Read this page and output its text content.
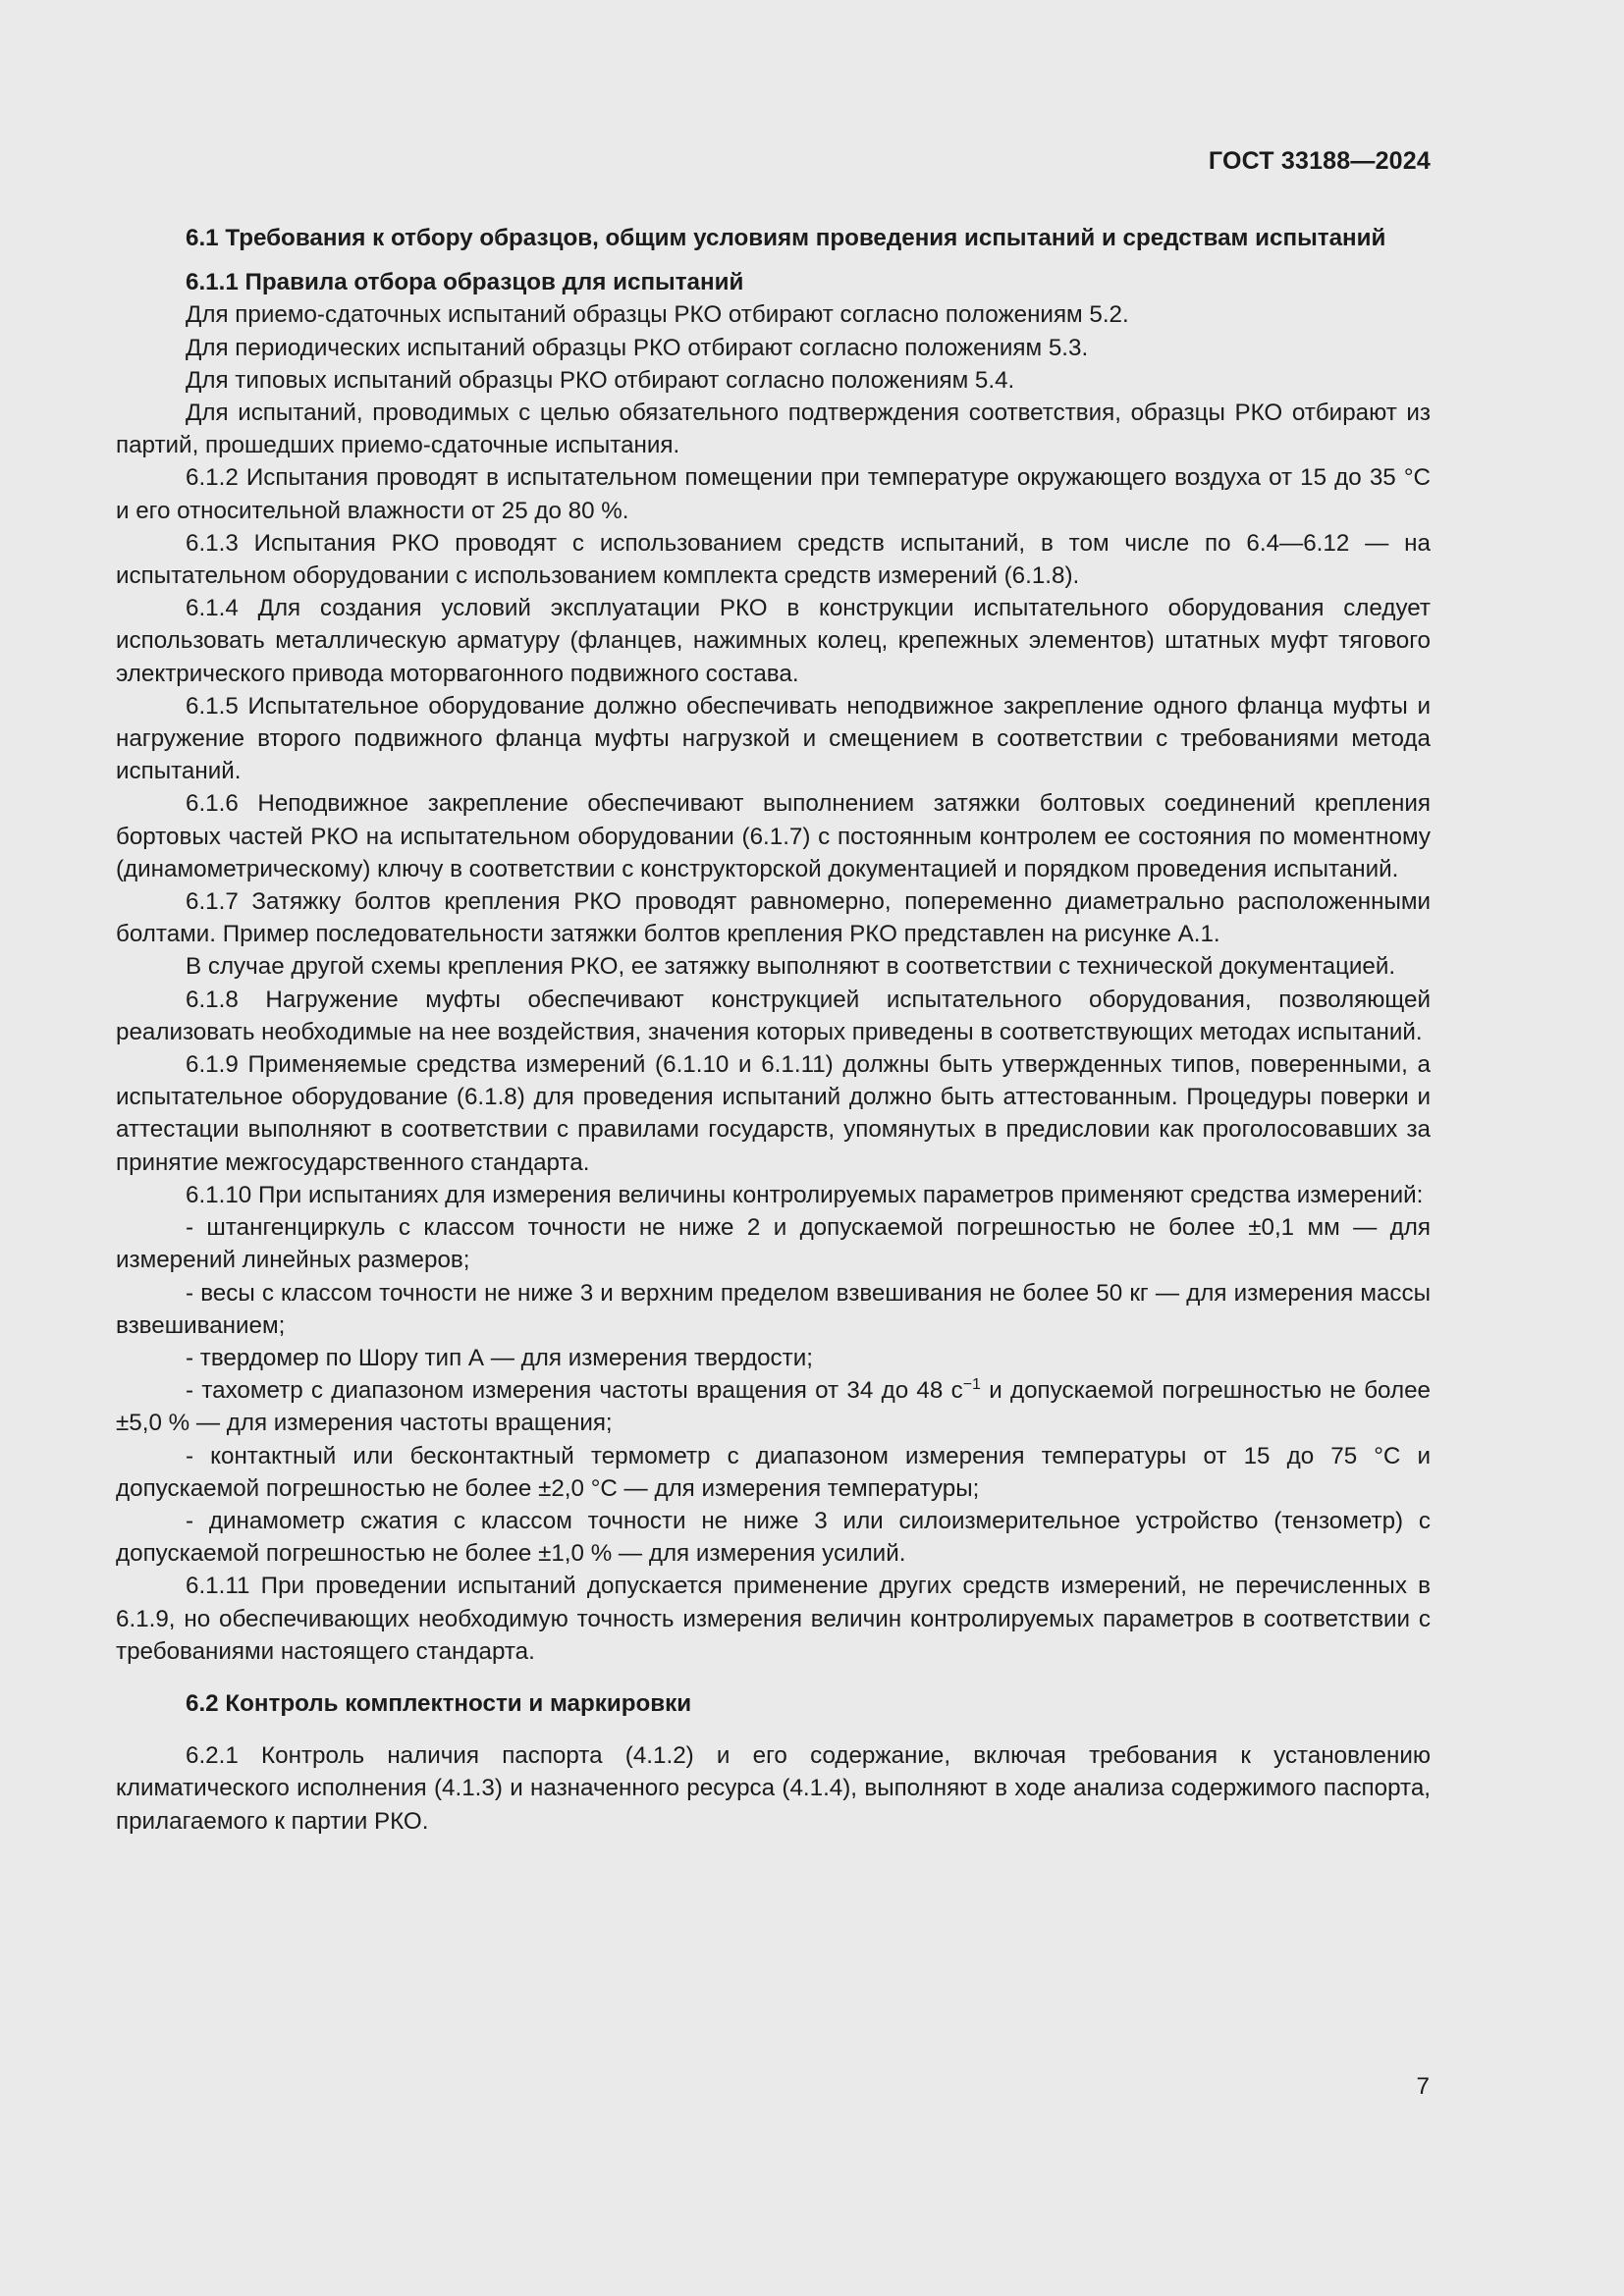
ГОСТ 33188—2024
6.1 Требования к отбору образцов, общим условиям проведения испытаний и средствам испытаний
6.1.1 Правила отбора образцов для испытаний

Для приемо-сдаточных испытаний образцы РКО отбирают согласно положениям 5.2.

Для периодических испытаний образцы РКО отбирают согласно положениям 5.3.

Для типовых испытаний образцы РКО отбирают согласно положениям 5.4.

Для испытаний, проводимых с целью обязательного подтверждения соответствия, образцы РКО отбирают из партий, прошедших приемо-сдаточные испытания.

6.1.2 Испытания проводят в испытательном помещении при температуре окружающего воздуха от 15 до 35 °С и его относительной влажности от 25 до 80 %.

6.1.3 Испытания РКО проводят с использованием средств испытаний, в том числе по 6.4—6.12 — на испытательном оборудовании с использованием комплекта средств измерений (6.1.8).

6.1.4 Для создания условий эксплуатации РКО в конструкции испытательного оборудования следует использовать металлическую арматуру (фланцев, нажимных колец, крепежных элементов) штатных муфт тягового электрического привода моторвагонного подвижного состава.

6.1.5 Испытательное оборудование должно обеспечивать неподвижное закрепление одного фланца муфты и нагружение второго подвижного фланца муфты нагрузкой и смещением в соответствии с требованиями метода испытаний.

6.1.6 Неподвижное закрепление обеспечивают выполнением затяжки болтовых соединений крепления бортовых частей РКО на испытательном оборудовании (6.1.7) с постоянным контролем ее состояния по моментному (динамометрическому) ключу в соответствии с конструкторской документацией и порядком проведения испытаний.

6.1.7 Затяжку болтов крепления РКО проводят равномерно, попеременно диаметрально расположенными болтами. Пример последовательности затяжки болтов крепления РКО представлен на рисунке А.1.

В случае другой схемы крепления РКО, ее затяжку выполняют в соответствии с технической документацией.

6.1.8 Нагружение муфты обеспечивают конструкцией испытательного оборудования, позволяющей реализовать необходимые на нее воздействия, значения которых приведены в соответствующих методах испытаний.

6.1.9 Применяемые средства измерений (6.1.10 и 6.1.11) должны быть утвержденных типов, поверенными, а испытательное оборудование (6.1.8) для проведения испытаний должно быть аттестованным. Процедуры поверки и аттестации выполняют в соответствии с правилами государств, упомянутых в предисловии как проголосовавших за принятие межгосударственного стандарта.

6.1.10 При испытаниях для измерения величины контролируемых параметров применяют средства измерений:

- штангенциркуль с классом точности не ниже 2 и допускаемой погрешностью не более ±0,1 мм — для измерений линейных размеров;

- весы с классом точности не ниже 3 и верхним пределом взвешивания не более 50 кг — для измерения массы взвешиванием;

- твердомер по Шору тип А — для измерения твердости;

- тахометр с диапазоном измерения частоты вращения от 34 до 48 $с^{-1}$ и допускаемой погрешностью не более ±5,0 % — для измерения частоты вращения;

- контактный или бесконтактный термометр с диапазоном измерения температуры от 15 до 75 °С и допускаемой погрешностью не более ±2,0 °С — для измерения температуры;

- динамометр сжатия с классом точности не ниже 3 или силоизмерительное устройство (тензометр) с допускаемой погрешностью не более ±1,0 % — для измерения усилий.

6.1.11 При проведении испытаний допускается применение других средств измерений, не перечисленных в 6.1.9, но обеспечивающих необходимую точность измерения величин контролируемых параметров в соответствии с требованиями настоящего стандарта.

6.2 Контроль комплектности и маркировки

6.2.1 Контроль наличия паспорта (4.1.2) и его содержание, включая требования к установлению климатического исполнения (4.1.3) и назначенного ресурса (4.1.4), выполняют в ходе анализа содержимого паспорта, прилагаемого к партии РКО.

7
